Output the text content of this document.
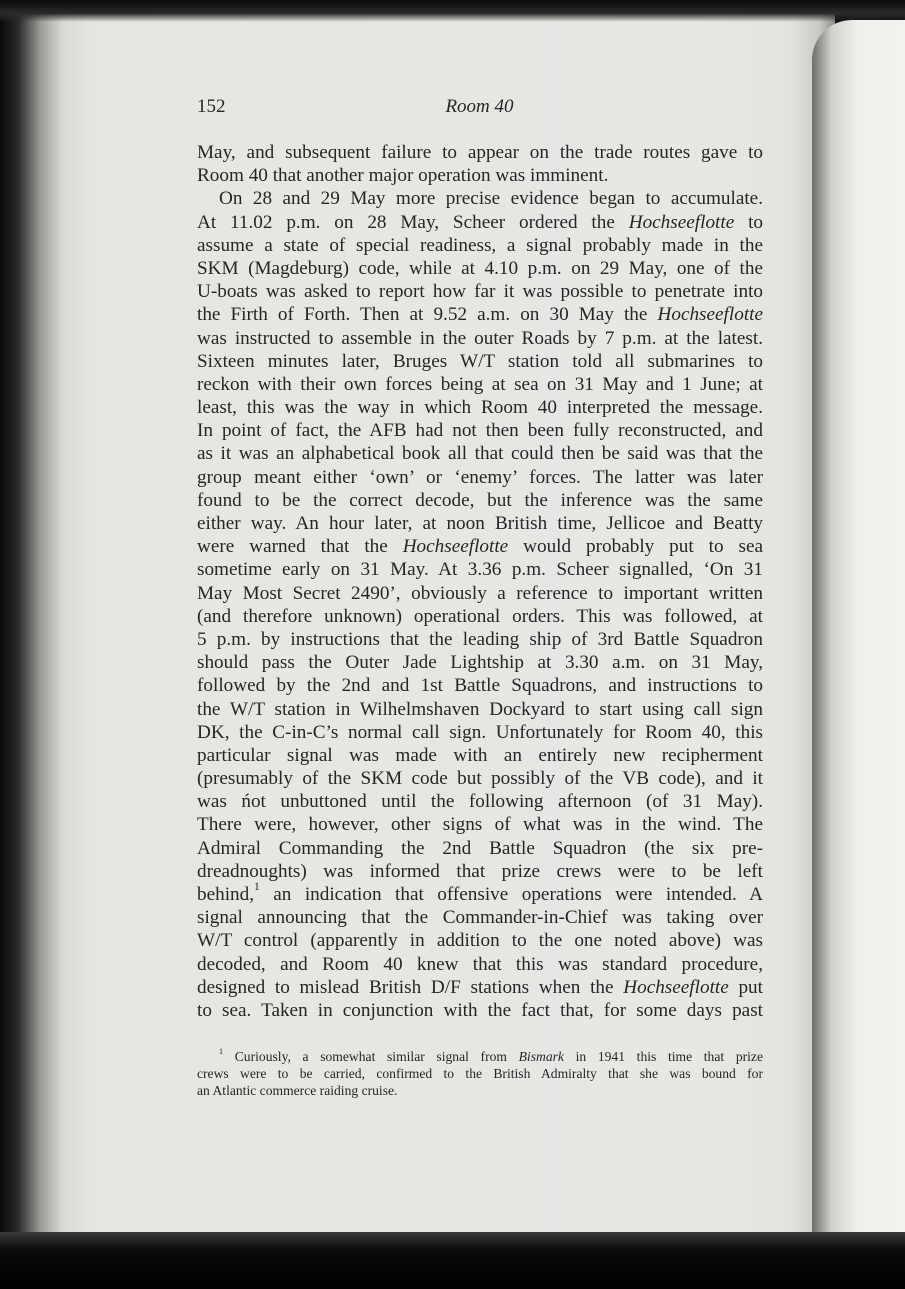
152	Room 40
May, and subsequent failure to appear on the trade routes gave to
Room 40 that another major operation was imminent.
On 28 and 29 May more precise evidence began to accumulate.
At 11.02 p.m. on 28 May, Scheer ordered the Hochseeflotte to
assume a state of special readiness, a signal probably made in the
SKM (Magdeburg) code, while at 4.10 p.m. on 29 May, one of the
U-boats was asked to report how far it was possible to penetrate into
the Firth of Forth. Then at 9.52 a.m. on 30 May the Hochseeflotte
was instructed to assemble in the outer Roads by 7 p.m. at the latest.
Sixteen minutes later, Bruges W/T station told all submarines to
reckon with their own forces being at sea on 31 May and 1 June; at
least, this was the way in which Room 40 interpreted the message.
In point of fact, the AFB had not then been fully reconstructed, and
as it was an alphabetical book all that could then be said was that the
group meant either ‘own’ or ‘enemy’ forces. The latter was later
found to be the correct decode, but the inference was the same
either way. An hour later, at noon British time, Jellicoe and Beatty
were warned that the Hochseeflotte would probably put to sea
sometime early on 31 May. At 3.36 p.m. Scheer signalled, ‘On 31
May Most Secret 2490’, obviously a reference to important written
(and therefore unknown) operational orders. This was followed, at
5 p.m. by instructions that the leading ship of 3rd Battle Squadron
should pass the Outer Jade Lightship at 3.30 a.m. on 31 May,
followed by the 2nd and 1st Battle Squadrons, and instructions to
the W/T station in Wilhelmshaven Dockyard to start using call sign
DK, the C-in-C’s normal call sign. Unfortunately for Room 40, this
particular signal was made with an entirely new recipherment
(presumably of the SKM code but possibly of the VB code), and it
was ńot unbuttoned until the following afternoon (of 31 May).
There were, however, other signs of what was in the wind. The
Admiral Commanding the 2nd Battle Squadron (the six pre-
dreadnoughts) was informed that prize crews were to be left
behind,$^1$ an indication that offensive operations were intended. A
signal announcing that the Commander-in-Chief was taking over
W/T control (apparently in addition to the one noted above) was
decoded, and Room 40 knew that this was standard procedure,
designed to mislead British D/F stations when the Hochseeflotte put
to sea. Taken in conjunction with the fact that, for some days past
$^1$ Curiously, a somewhat similar signal from Bismark in 1941 this time that prize
crews were to be carried, confirmed to the British Admiralty that she was bound for
an Atlantic commerce raiding cruise.
